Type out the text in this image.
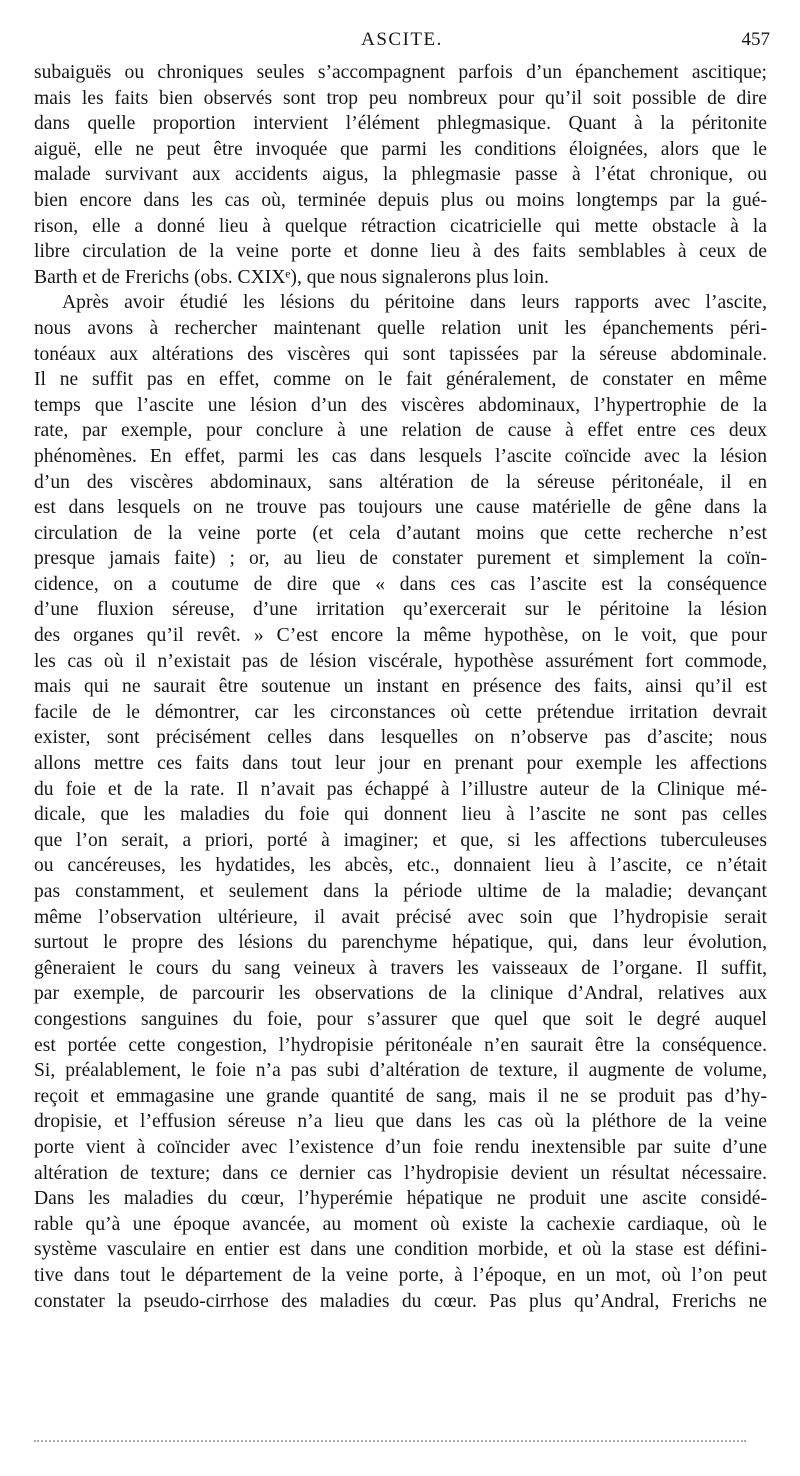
ASCITE.	457
subaiguës ou chroniques seules s’accompagnent parfois d’un épanchement ascitique;
mais les faits bien observés sont trop peu nombreux pour qu’il soit possible de dire
dans quelle proportion intervient l’élément phlegmasique. Quant à la péritonite
aiguë, elle ne peut être invoquée que parmi les conditions éloignées, alors que le
malade survivant aux accidents aigus, la phlegmasie passe à l’état chronique, ou
bien encore dans les cas où, terminée depuis plus ou moins longtemps par la gué-
rison, elle a donné lieu à quelque rétraction cicatricielle qui mette obstacle à la
libre circulation de la veine porte et donne lieu à des faits semblables à ceux de
Barth et de Frerichs (obs. CXIXᵉ), que nous signalerons plus loin.
Après avoir étudié les lésions du péritoine dans leurs rapports avec l’ascite,
nous avons à rechercher maintenant quelle relation unit les épanchements péri-
tonéaux aux altérations des viscères qui sont tapissées par la séreuse abdominale.
Il ne suffit pas en effet, comme on le fait généralement, de constater en même
temps que l’ascite une lésion d’un des viscères abdominaux, l’hypertrophie de la
rate, par exemple, pour conclure à une relation de cause à effet entre ces deux
phénomènes. En effet, parmi les cas dans lesquels l’ascite coïncide avec la lésion
d’un des viscères abdominaux, sans altération de la séreuse péritonéale, il en
est dans lesquels on ne trouve pas toujours une cause matérielle de gêne dans la
circulation de la veine porte (et cela d’autant moins que cette recherche n’est
presque jamais faite) ; or, au lieu de constater purement et simplement la coïn-
cidence, on a coutume de dire que « dans ces cas l’ascite est la conséquence
d’une fluxion séreuse, d’une irritation qu’exercerait sur le péritoine la lésion
des organes qu’il revêt. » C’est encore la même hypothèse, on le voit, que pour
les cas où il n’existait pas de lésion viscérale, hypothèse assurément fort commode,
mais qui ne saurait être soutenue un instant en présence des faits, ainsi qu’il est
facile de le démontrer, car les circonstances où cette prétendue irritation devrait
exister, sont précisément celles dans lesquelles on n’observe pas d’ascite; nous
allons mettre ces faits dans tout leur jour en prenant pour exemple les affections
du foie et de la rate. Il n’avait pas échappé à l’illustre auteur de la Clinique mé-
dicale, que les maladies du foie qui donnent lieu à l’ascite ne sont pas celles
que l’on serait, a priori, porté à imaginer; et que, si les affections tuberculeuses
ou cancéreuses, les hydatides, les abcès, etc., donnaient lieu à l’ascite, ce n’était
pas constamment, et seulement dans la période ultime de la maladie; devançant
même l’observation ultérieure, il avait précisé avec soin que l’hydropisie serait
surtout le propre des lésions du parenchyme hépatique, qui, dans leur évolution,
gêneraient le cours du sang veineux à travers les vaisseaux de l’organe. Il suffit,
par exemple, de parcourir les observations de la clinique d’Andral, relatives aux
congestions sanguines du foie, pour s’assurer que quel que soit le degré auquel
est portée cette congestion, l’hydropisie péritonéale n’en saurait être la conséquence.
Si, préalablement, le foie n’a pas subi d’altération de texture, il augmente de volume,
reçoit et emmagasine une grande quantité de sang, mais il ne se produit pas d’hy-
dropisie, et l’effusion séreuse n’a lieu que dans les cas où la pléthore de la veine
porte vient à coïncider avec l’existence d’un foie rendu inextensible par suite d’une
altération de texture; dans ce dernier cas l’hydropisie devient un résultat nécessaire.
Dans les maladies du cœur, l’hyperémie hépatique ne produit une ascite considé-
rable qu’à une époque avancée, au moment où existe la cachexie cardiaque, où le
système vasculaire en entier est dans une condition morbide, et où la stase est défini-
tive dans tout le département de la veine porte, à l’époque, en un mot, où l’on peut
constater la pseudo-cirrhose des maladies du cœur. Pas plus qu’Andral, Frerichs ne
